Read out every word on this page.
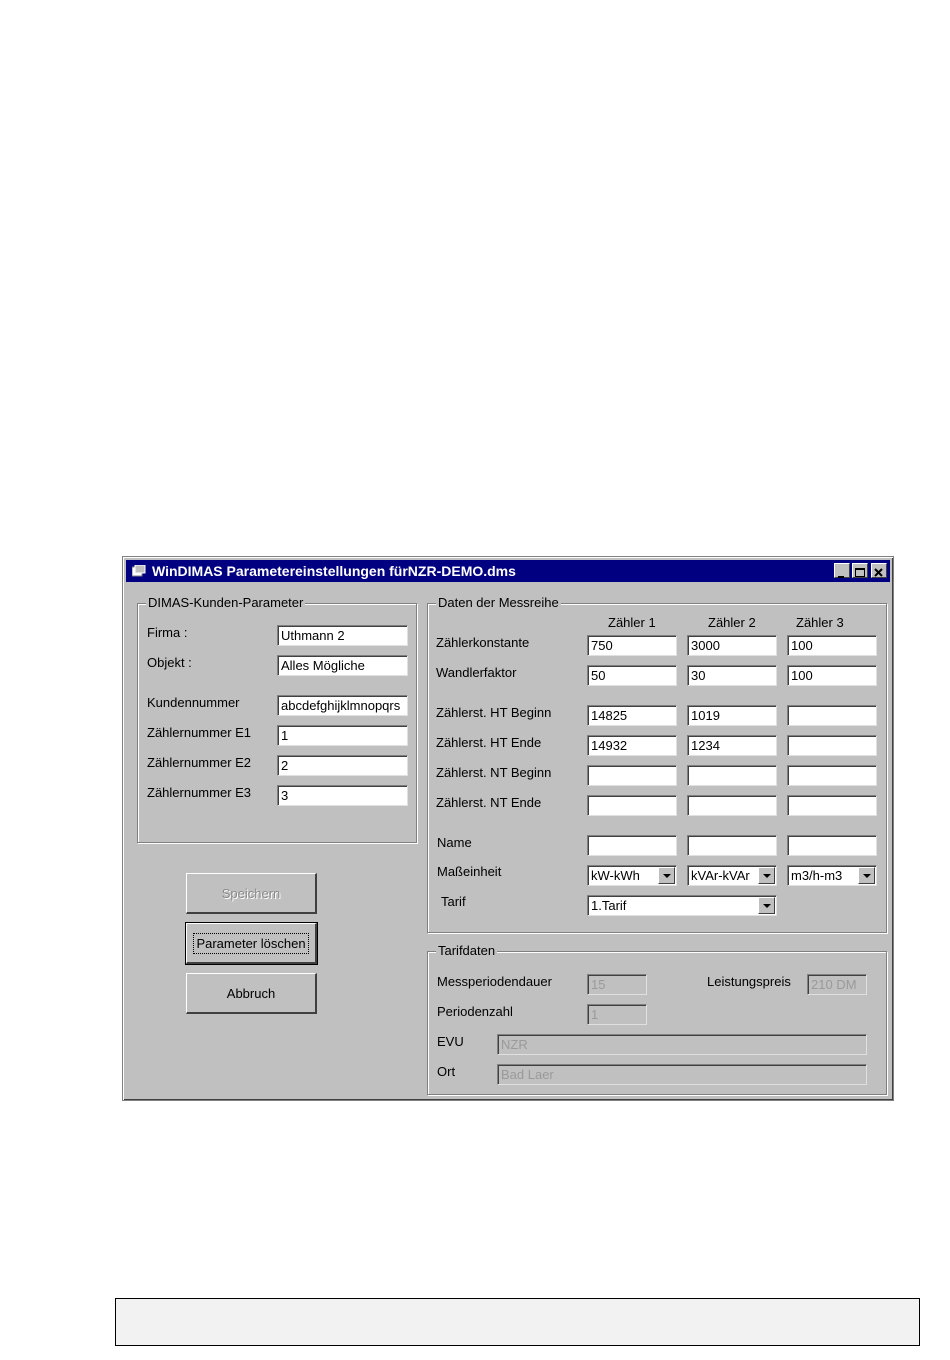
WinDIMAS Parametereinstellungen fürNZR-DEMO.dms
DIMAS-Kunden-Parameter
Firma :	Uthmann 2
Objekt :	Alles Mögliche
Kundennummer	abcdefghijklmnopqrs
Zählernummer E1	1
Zählernummer E2	2
Zählernummer E3	3
Speichern
Parameter löschen
Abbruch
Daten der Messreihe
Zähler 1	Zähler 2	Zähler 3
Zählerkonstante	750	3000	100
Wandlerfaktor	50	30	100
Zählerst. HT Beginn	14825	1019
Zählerst. HT Ende	14932	1234
Zählerst. NT Beginn
Zählerst. NT Ende
Name
Maßeinheit	kW-kWh	kVAr-kVAr	m3/h-m3
Tarif	1.Tarif
Tarifdaten
Messperiodendauer	15	Leistungspreis	210 DM
Periodenzahl	1
EVU	NZR
Ort	Bad Laer
